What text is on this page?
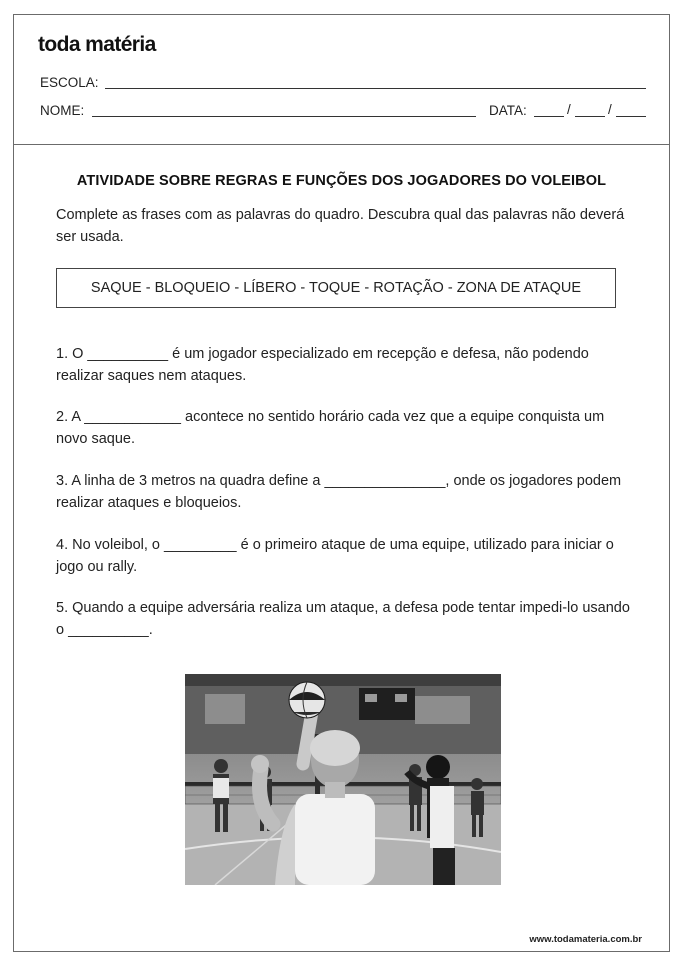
toda matéria
ESCOLA:
NOME:	DATA:	/	/
ATIVIDADE SOBRE REGRAS E FUNÇÕES DOS JOGADORES DO VOLEIBOL
Complete as frases com as palavras do quadro. Descubra qual das palavras não deverá ser usada.
SAQUE - BLOQUEIO - LÍBERO - TOQUE - ROTAÇÃO - ZONA DE ATAQUE
1. O __________ é um jogador especializado em recepção e defesa, não podendo realizar saques nem ataques.
2. A ____________ acontece no sentido horário cada vez que a equipe conquista um novo saque.
3. A linha de 3 metros na quadra define a _______________, onde os jogadores podem realizar ataques e bloqueios.
4. No voleibol, o _________ é o primeiro ataque de uma equipe, utilizado para iniciar o jogo ou rally.
5. Quando a equipe adversária realiza um ataque, a defesa pode tentar impedi-lo usando o __________.
www.todamateria.com.br
